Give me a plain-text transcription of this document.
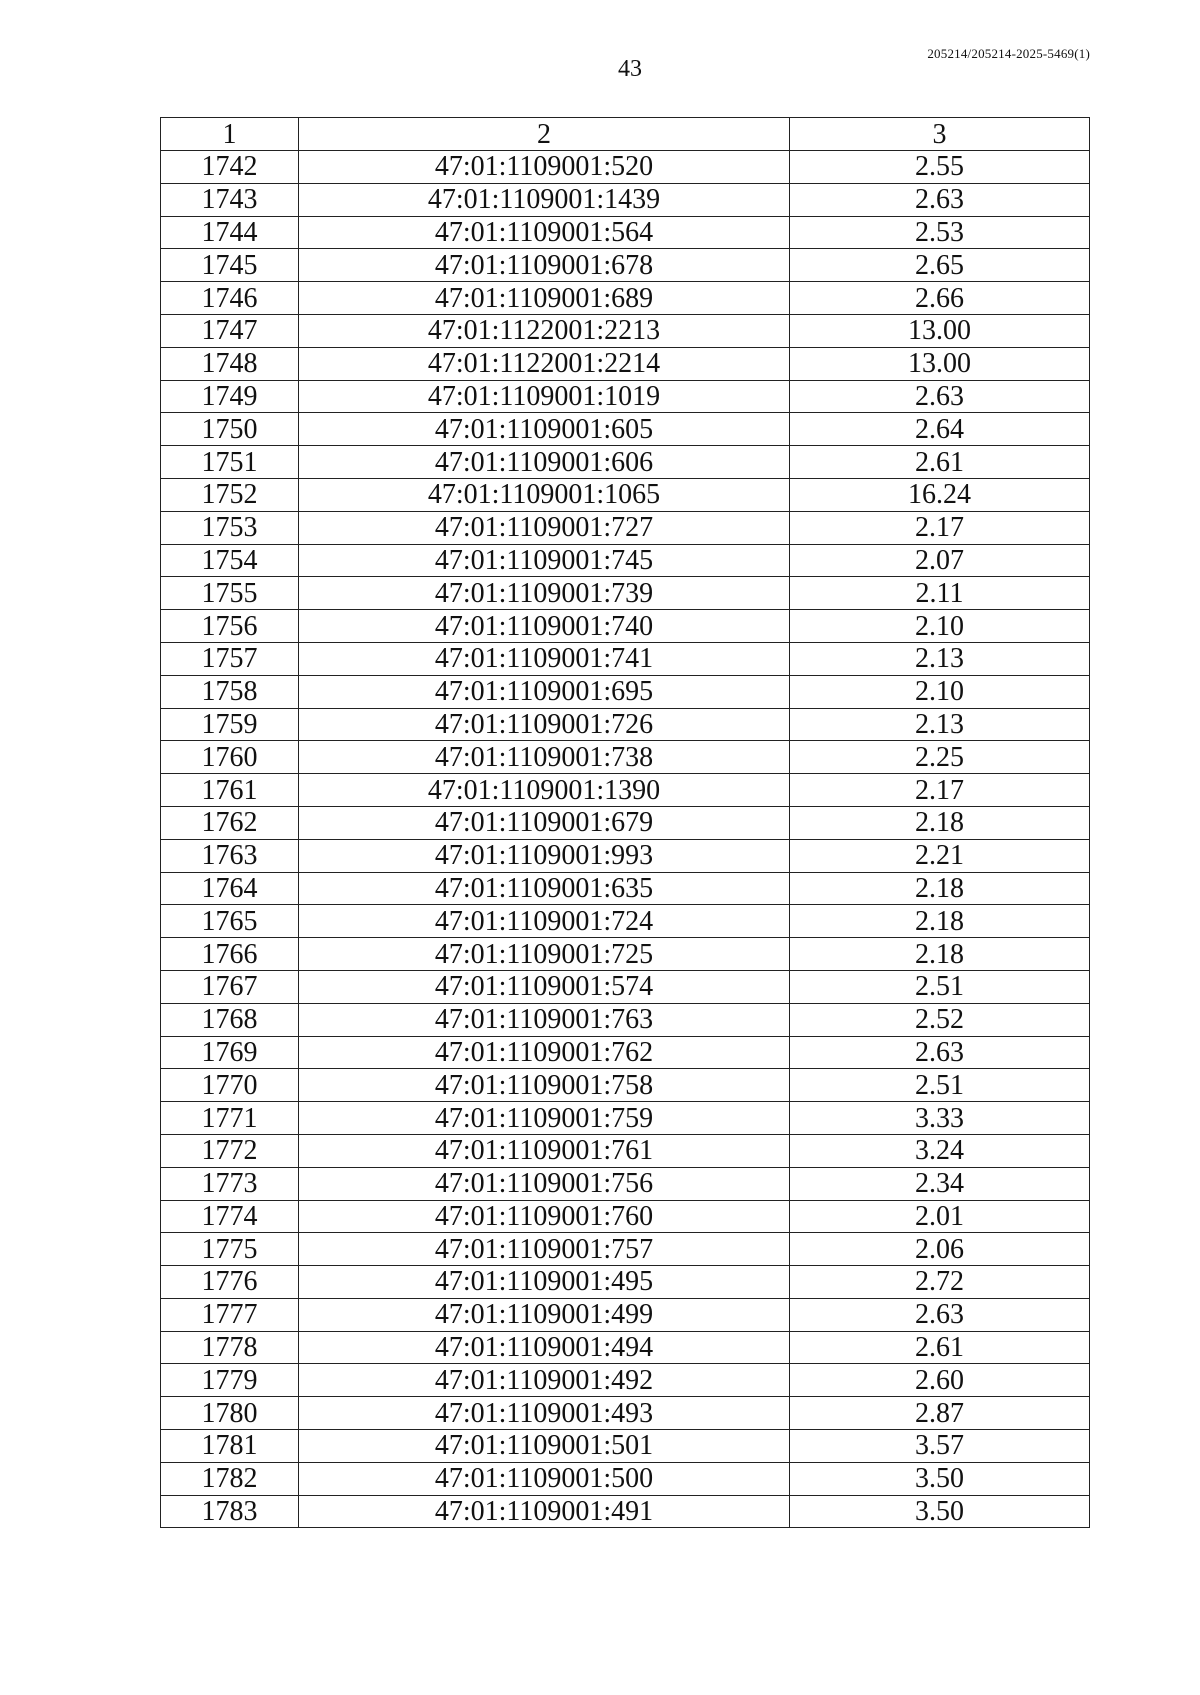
43
205214/205214-2025-5469(1)
1	2	3
1742	47:01:1109001:520	2.55
1743	47:01:1109001:1439	2.63
1744	47:01:1109001:564	2.53
1745	47:01:1109001:678	2.65
1746	47:01:1109001:689	2.66
1747	47:01:1122001:2213	13.00
1748	47:01:1122001:2214	13.00
1749	47:01:1109001:1019	2.63
1750	47:01:1109001:605	2.64
1751	47:01:1109001:606	2.61
1752	47:01:1109001:1065	16.24
1753	47:01:1109001:727	2.17
1754	47:01:1109001:745	2.07
1755	47:01:1109001:739	2.11
1756	47:01:1109001:740	2.10
1757	47:01:1109001:741	2.13
1758	47:01:1109001:695	2.10
1759	47:01:1109001:726	2.13
1760	47:01:1109001:738	2.25
1761	47:01:1109001:1390	2.17
1762	47:01:1109001:679	2.18
1763	47:01:1109001:993	2.21
1764	47:01:1109001:635	2.18
1765	47:01:1109001:724	2.18
1766	47:01:1109001:725	2.18
1767	47:01:1109001:574	2.51
1768	47:01:1109001:763	2.52
1769	47:01:1109001:762	2.63
1770	47:01:1109001:758	2.51
1771	47:01:1109001:759	3.33
1772	47:01:1109001:761	3.24
1773	47:01:1109001:756	2.34
1774	47:01:1109001:760	2.01
1775	47:01:1109001:757	2.06
1776	47:01:1109001:495	2.72
1777	47:01:1109001:499	2.63
1778	47:01:1109001:494	2.61
1779	47:01:1109001:492	2.60
1780	47:01:1109001:493	2.87
1781	47:01:1109001:501	3.57
1782	47:01:1109001:500	3.50
1783	47:01:1109001:491	3.50
